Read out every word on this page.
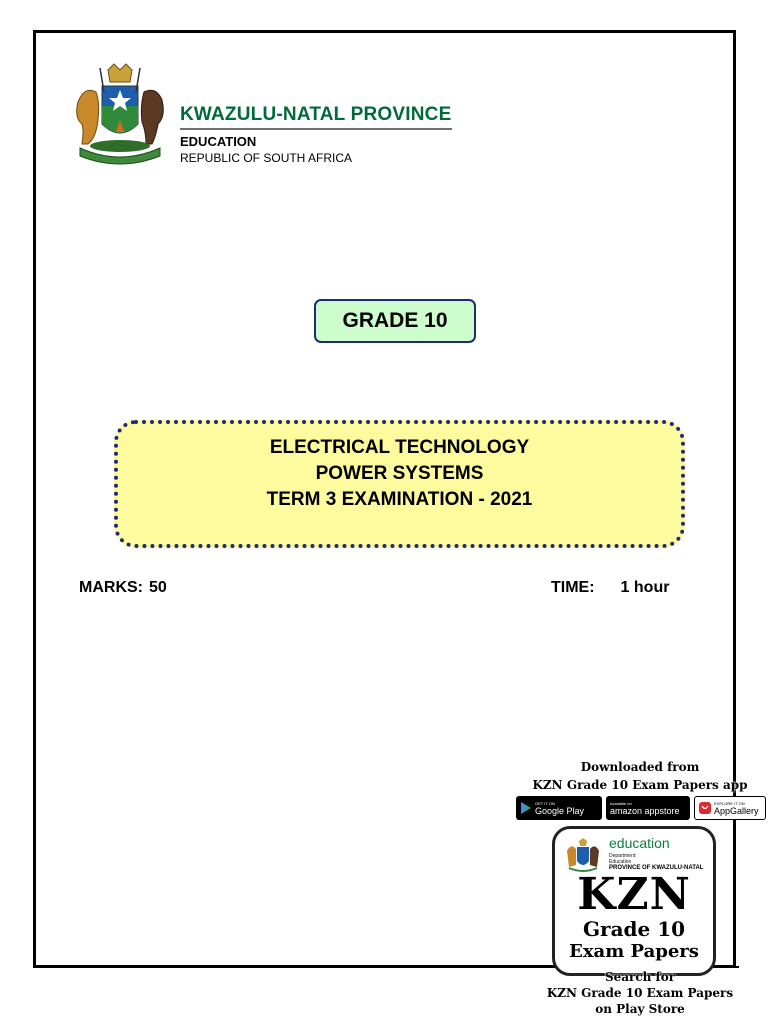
KWAZULU-NATAL PROVINCE
EDUCATION
REPUBLIC OF SOUTH AFRICA
GRADE 10
ELECTRICAL TECHNOLOGY
POWER SYSTEMS
TERM 3 EXAMINATION - 2021
MARKS: 50	TIME: 1 hour
Downloaded from
KZN Grade 10 Exam Papers app
GET IT ON
Google Play
Available on
amazon appstore
EXPLORE IT ON
AppGallery
education
Department:
Education
PROVINCE OF KWAZULU-NATAL
KZN
Grade 10
Exam Papers
Search for
KZN Grade 10 Exam Papers
on Play Store
